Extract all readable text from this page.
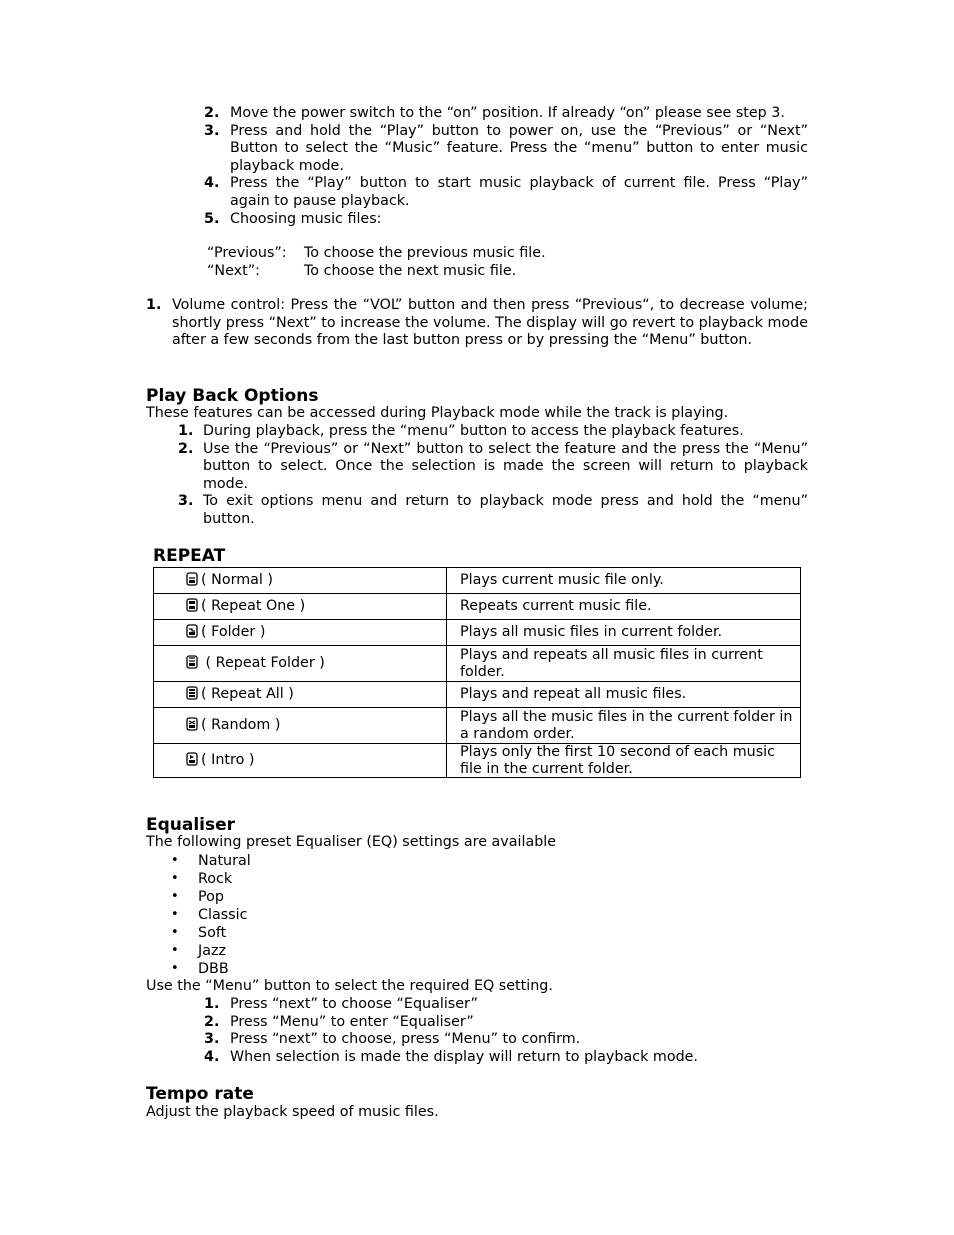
2. Move the power switch to the “on” position. If already “on” please see step 3.
3. Press and hold the “Play” button to power on, use the “Previous” or “Next” Button to select the “Music” feature. Press the “menu” button to enter music playback mode.
4. Press the “Play” button to start music playback of current file. Press “Play” again to pause playback.
5. Choosing music files:
“Previous”: To choose the previous music file.
“Next”:	To choose the next music file.
1. Volume control: Press the “VOL” button and then press “Previous“, to decrease volume; shortly press “Next” to increase the volume. The display will go revert to playback mode after a few seconds from the last button press or by pressing the “Menu” button.
Play Back Options

These features can be accessed during Playback mode while the track is playing.

1. During playback, press the “menu” button to access the playback features.
2. Use the “Previous” or “Next” button to select the feature and the press the “Menu” button to select. Once the selection is made the screen will return to playback mode.
3. To exit options menu and return to playback mode press and hold the “menu” button.

REPEAT

( Normal )	Plays current music file only.
( Repeat One )	Repeats current music file.
( Folder )	Plays all music files in current folder.
( Repeat Folder )	Plays and repeats all music files in current folder.
( Repeat All )	Plays and repeat all music files.
( Random )	Plays all the music files in the current folder in a random order.
( Intro )	Plays only the first 10 second of each music file in the current folder.
Equaliser

The following preset Equaliser (EQ) settings are available

• Natural
• Rock
• Pop
• Classic
• Soft
• Jazz
• DBB

Use the “Menu” button to select the required EQ setting.

1. Press “next” to choose “Equaliser”
2. Press “Menu” to enter “Equaliser”
3. Press “next” to choose, press “Menu” to confirm.
4. When selection is made the display will return to playback mode.
Tempo rate

Adjust the playback speed of music files.
